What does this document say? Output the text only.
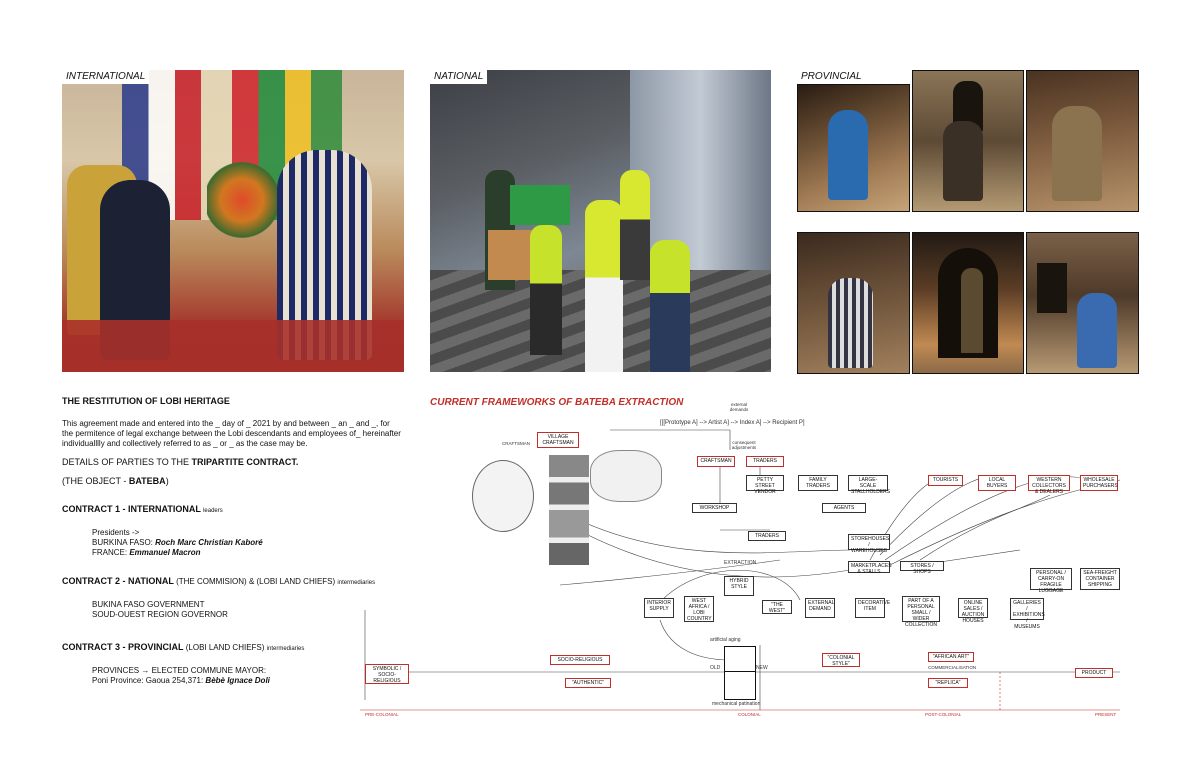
INTERNATIONAL	NATIONAL	PROVINCIAL
THE RESTITUTION OF LOBI HERITAGE
This agreement made and entered into the _ day of _ 2021 by and between _ an _ and _, for the permitence of legal exchange between the Lobi descendants and employees of_ hereinafter individualllly and collectively referred to as _ or _ as the case may be.
DETAILS OF PARTIES TO THE TRIPARTITE CONTRACT.
(THE OBJECT - BATEBA)
CONTRACT 1 - INTERNATIONAL leaders
Presidents ->
BURKINA FASO: Roch Marc Christian Kaboré
FRANCE: Emmanuel Macron
CONTRACT 2 - NATIONAL (THE COMMISION) & (LOBI LAND CHIEFS) intermediaries
BUKINA FASO GOVERNMENT
SOUD-OUEST REGION GOVERNOR
CONTRACT 3 - PROVINCIAL (LOBI LAND CHIEFS) intermediaries
PROVINCES → ELECTED COMMUNE MAYOR:
Poni Province: Gaoua 254,371: Bèbè Ignace Doli
CURRENT FRAMEWORKS OF BATEBA EXTRACTION
[[[Prototype A] --> Artist A] --> Index A] --> Recipient P]
external demands
consequent adjustments
CRAFTSMAN
VILLAGE CRAFTSMAN
CRAFTSMAN	TRADERS
PETTY STREET VENDOR
FAMILY TRADERS
LARGE-SCALE STALLHOLDERS
TOURISTS	LOCAL BUYERS
WESTERN COLLECTORS & DEALERS
WHOLESALE PURCHASERS
WORKSHOP	AGENTS
TRADERS	STOREHOUSES / WAREHOUSES
MARKETPLACES & STALLS
STORES / SHOPS	PERSONAL / CARRY-ON FRAGILE LUGGAGE
SEA-FREIGHT CONTAINER SHIPPING
EXTRACTION
INTERIOR SUPPLY
WEST AFRICA / LOBI COUNTRY
HYBRID STYLE
"THE WEST"
EXTERNAL DEMAND
DECORATIVE ITEM
PART OF A PERSONAL SMALL / WIDER COLLECTION
ONLINE SALES / AUCTION HOUSES
GALLERIES / EXHIBITIONS / MUSEUMS
artificial aging
OLD	NEW
mechanical patination
SYMBOLIC / SOCIO-RELIGIOUS
SOCIO-RELIGIOUS
"AUTHENTIC"
"COLONIAL STYLE"
"AFRICAN ART"
COMMERCIALISATION
"REPLICA"
PRODUCT
PRE-COLONIAL	COLONIAL	POST-COLONIAL	PRESENT
